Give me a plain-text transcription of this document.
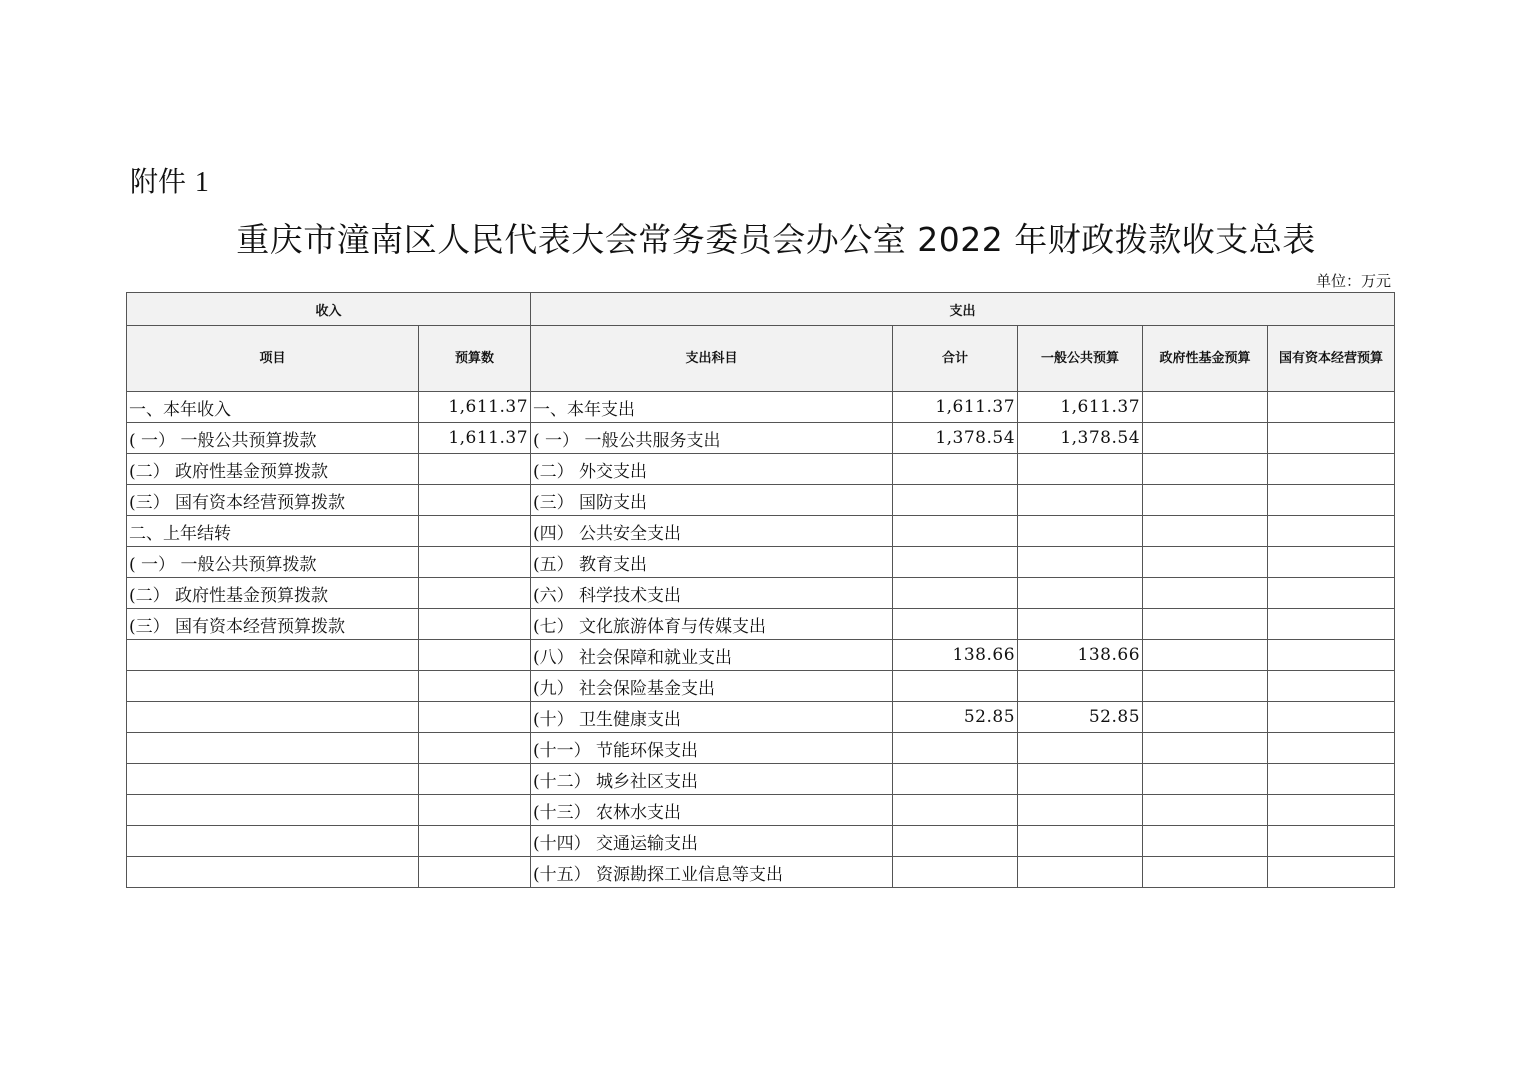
附件 1
重庆市潼南区人民代表大会常务委员会办公室 2022 年财政拨款收支总表
单位：万元
收入		支出				
项目	预算数	支出科目	合计	一般公共预算	政府性基金预算	国有资本经营预算
一、本年收入	1,611.37	一、本年支出	1,611.37	1,611.37		
( 一） 一般公共预算拨款	1,611.37	( 一） 一般公共服务支出	1,378.54	1,378.54		
(二） 政府性基金预算拨款		(二） 外交支出				
(三） 国有资本经营预算拨款		(三） 国防支出				
二、上年结转		(四） 公共安全支出				
( 一） 一般公共预算拨款		(五） 教育支出				
(二） 政府性基金预算拨款		(六） 科学技术支出				
(三） 国有资本经营预算拨款		(七） 文化旅游体育与传媒支出				
		(八） 社会保障和就业支出	138.66	138.66		
		(九） 社会保险基金支出				
		(十） 卫生健康支出	52.85	52.85		
		(十一） 节能环保支出				
		(十二） 城乡社区支出				
		(十三） 农林水支出				
		(十四） 交通运输支出				
		(十五） 资源勘探工业信息等支出				
